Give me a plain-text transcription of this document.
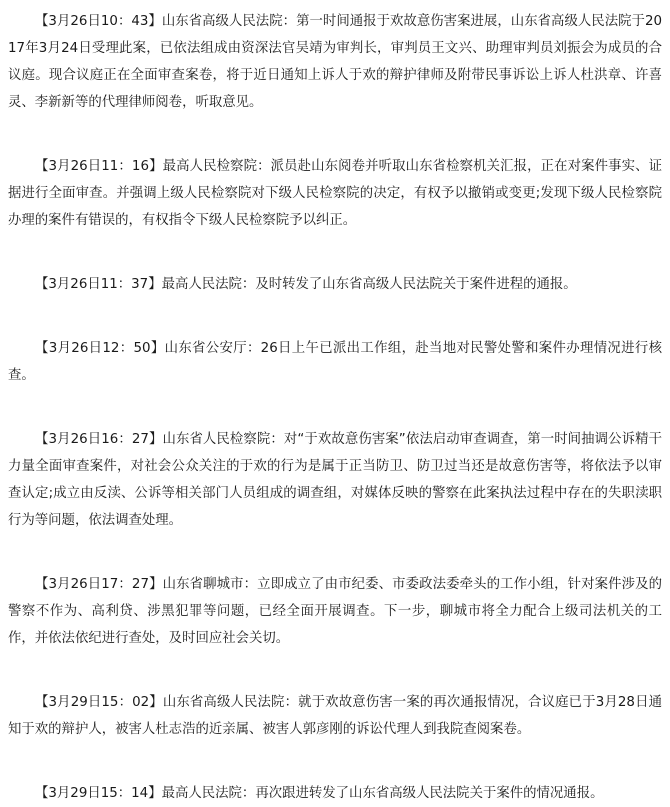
【3月26日10：43】山东省高级人民法院：第一时间通报于欢故意伤害案进展，山东省高级人民法院于2017年3月24日受理此案，已依法组成由资深法官吴靖为审判长，审判员王文兴、助理审判员刘振会为成员的合议庭。现合议庭正在全面审查案卷，将于近日通知上诉人于欢的辩护律师及附带民事诉讼上诉人杜洪章、许喜灵、李新新等的代理律师阅卷，听取意见。

【3月26日11：16】最高人民检察院：派员赴山东阅卷并听取山东省检察机关汇报，正在对案件事实、证据进行全面审查。并强调上级人民检察院对下级人民检察院的决定，有权予以撤销或变更;发现下级人民检察院办理的案件有错误的，有权指令下级人民检察院予以纠正。

【3月26日11：37】最高人民法院：及时转发了山东省高级人民法院关于案件进程的通报。

【3月26日12：50】山东省公安厅：26日上午已派出工作组，赴当地对民警处警和案件办理情况进行核查。

【3月26日16：27】山东省人民检察院：对“于欢故意伤害案”依法启动审查调查，第一时间抽调公诉精干力量全面审查案件，对社会公众关注的于欢的行为是属于正当防卫、防卫过当还是故意伤害等，将依法予以审查认定;成立由反渎、公诉等相关部门人员组成的调查组，对媒体反映的警察在此案执法过程中存在的失职渎职行为等问题，依法调查处理。

【3月26日17：27】山东省聊城市：立即成立了由市纪委、市委政法委牵头的工作小组，针对案件涉及的警察不作为、高利贷、涉黑犯罪等问题，已经全面开展调查。下一步，聊城市将全力配合上级司法机关的工作，并依法依纪进行查处，及时回应社会关切。

【3月29日15：02】山东省高级人民法院：就于欢故意伤害一案的再次通报情况，合议庭已于3月28日通知于欢的辩护人，被害人杜志浩的近亲属、被害人郭彦刚的诉讼代理人到我院查阅案卷。

【3月29日15：14】最高人民法院：再次跟进转发了山东省高级人民法院关于案件的情况通报。
